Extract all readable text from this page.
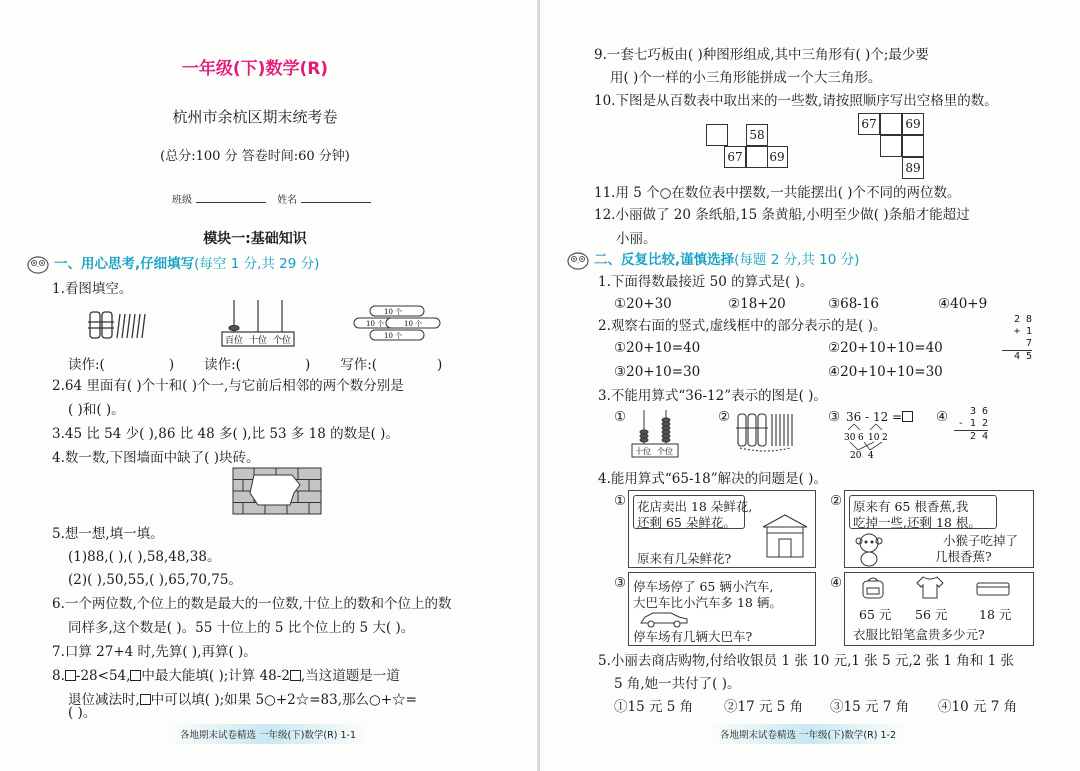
一年级(下)数学(R)
杭州市余杭区期末统考卷
(总分:100 分 答卷时间:60 分钟)
班级	姓名
模块一:基础知识
一、用心思考,仔细填写(每空 1 分,共 29 分)
1.看图填空。
百位 十位 个位
10 个
10 个	10 个
10 个
读作:(	) 读作:(	) 写作:(	)
2.64 里面有( )个十和( )个一,与它前后相邻的两个数分别是
( )和( )。
3.45 比 54 少( ),86 比 48 多( ),比 53 多 18 的数是( )。
4.数一数,下图墙面中缺了( )块砖。
5.想一想,填一填。
(1)88,( ),( ),58,48,38。
(2)( ),50,55,( ),65,70,75。
6.一个两位数,个位上的数是最大的一位数,十位上的数和个位上的数
同样多,这个数是( )。55 十位上的 5 比个位上的 5 大( )。
7.口算 27+4 时,先算( ),再算( )。
8. -28<54, 中最大能填( );计算 48-2 ,当这道题是一道
退位减法时, 中可以填( );如果 5○+2☆=83,那么○+☆=
( )。
各地期末试卷精选 一年级(下)数学(R) 1-1
9.一套七巧板由( )种图形组成,其中三角形有( )个;最少要
用( )个一样的小三角形能拼成一个大三角形。
10.下图是从百数表中取出来的一些数,请按照顺序写出空格里的数。
58
67 69
67 69
89
11.用 5 个○在数位表中摆数,一共能摆出( )个不同的两位数。
12.小丽做了 20 条纸船,15 条黄船,小明至少做( )条船才能超过
小丽。
二、反复比较,谨慎选择(每题 2 分,共 10 分)
1.下面得数最接近 50 的算式是( )。
①20+30	②18+20	③68-16	④40+9
2.观察右面的竖式,虚线框中的部分表示的是( )。	2 8
+ 1 7
4 5
①20+10=40	②20+10+10=40
③20+10=30	④20+10+10=30
3.不能用算式“36-12”表示的图是( )。
①
十位 个位
②	③ 36 - 12 =
30 6 10 2
20 4
④	3 6
- 1 2
2 4
4.能用算式“65-18”解决的问题是( )。
① 花店卖出 18 朵鲜花,
还剩 65 朵鲜花。
原来有几朵鲜花?
② 原来有 65 根香蕉,我
吃掉一些,还剩 18 根。
小猴子吃掉了
几根香蕉?
③ 停车场停了 65 辆小汽车,
大巴车比小汽车多 18 辆。
停车场有几辆大巴车?
④
65 元 56 元	18 元
衣服比铅笔盒贵多少元?
5.小丽去商店购物,付给收银员 1 张 10 元,1 张 5 元,2 张 1 角和 1 张
5 角,她一共付了( )。
①15 元 5 角 ②17 元 5 角 ③15 元 7 角 ④10 元 7 角
各地期末试卷精选 一年级(下)数学(R) 1-2
